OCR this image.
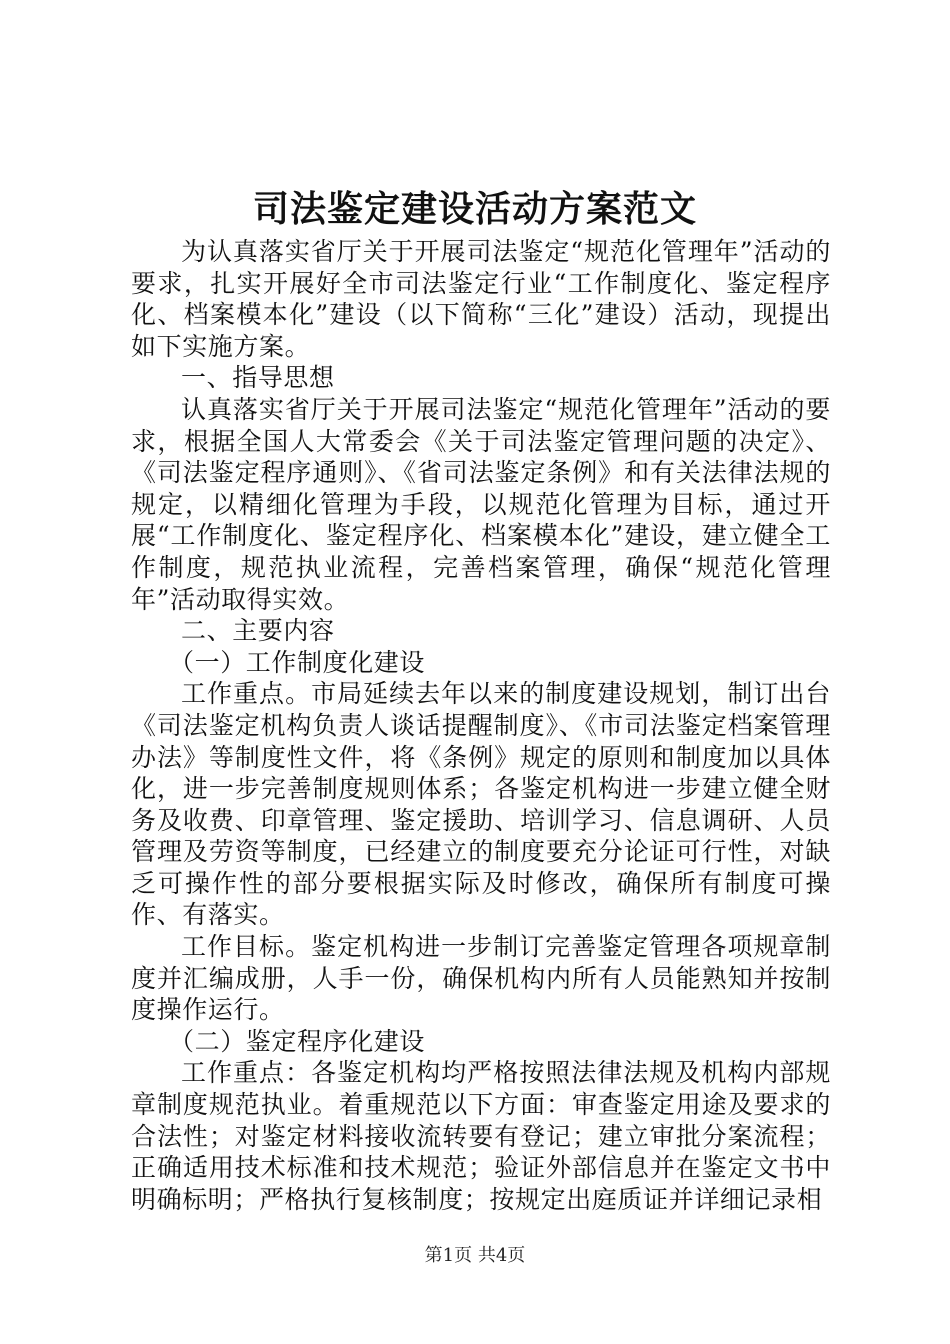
司法鉴定建设活动方案范文

为认真落实省厅关于开展司法鉴定“规范化管理年”活动的要求，扎实开展好全市司法鉴定行业“工作制度化、鉴定程序化、档案模本化”建设（以下简称“三化”建设）活动，现提出如下实施方案。

一、指导思想

认真落实省厅关于开展司法鉴定“规范化管理年”活动的要求，根据全国人大常委会《关于司法鉴定管理问题的决定》、《司法鉴定程序通则》、《省司法鉴定条例》和有关法律法规的规定，以精细化管理为手段，以规范化管理为目标，通过开展“工作制度化、鉴定程序化、档案模本化”建设，建立健全工作制度，规范执业流程，完善档案管理，确保“规范化管理年”活动取得实效。

二、主要内容

（一）工作制度化建设

工作重点。市局延续去年以来的制度建设规划，制订出台《司法鉴定机构负责人谈话提醒制度》、《市司法鉴定档案管理办法》等制度性文件，将《条例》规定的原则和制度加以具体化，进一步完善制度规则体系；各鉴定机构进一步建立健全财务及收费、印章管理、鉴定援助、培训学习、信息调研、人员管理及劳资等制度，已经建立的制度要充分论证可行性，对缺乏可操作性的部分要根据实际及时修改，确保所有制度可操作、有落实。

工作目标。鉴定机构进一步制订完善鉴定管理各项规章制度并汇编成册，人手一份，确保机构内所有人员能熟知并按制度操作运行。

（二）鉴定程序化建设

工作重点：各鉴定机构均严格按照法律法规及机构内部规章制度规范执业。着重规范以下方面：审查鉴定用途及要求的合法性；对鉴定材料接收流转要有登记；建立审批分案流程；正确适用技术标准和技术规范；验证外部信息并在鉴定文书中明确标明；严格执行复核制度；按规定出庭质证并详细记录相

第1页 共4页
